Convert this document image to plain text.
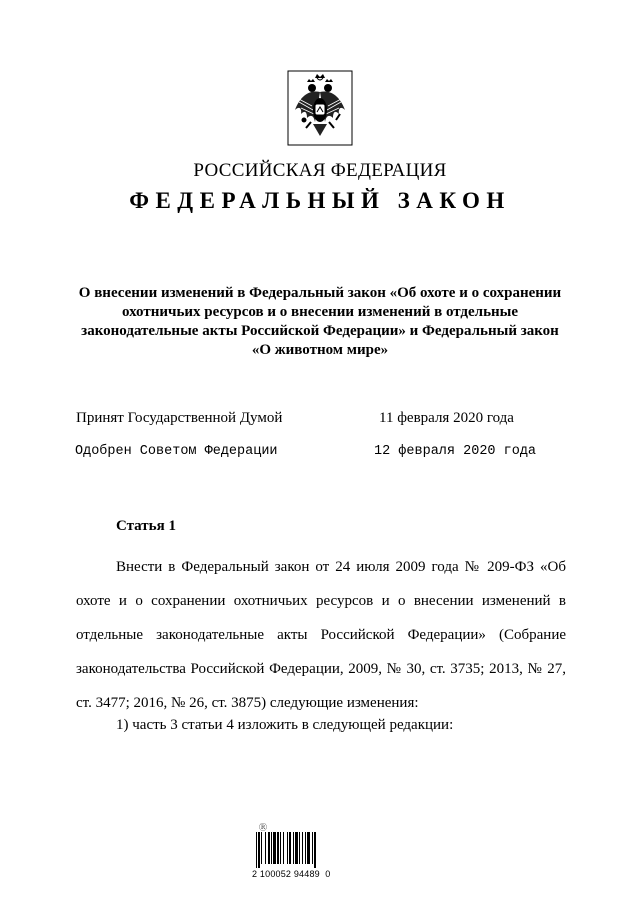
РОССИЙСКАЯ ФЕДЕРАЦИЯ
ФЕДЕРАЛЬНЫЙ ЗАКОН
О внесении изменений в Федеральный закон «Об охоте и о сохранении
охотничьих ресурсов и о внесении изменений в отдельные
законодательные акты Российской Федерации» и Федеральный закон
«О животном мире»
Принят Государственной Думой	11 февраля 2020 года
Одобрен Советом Федерации	12 февраля 2020 года
Статья 1

Внести в Федеральный закон от 24 июля 2009 года № 209-ФЗ «Об охоте и о сохранении охотничьих ресурсов и о внесении изменений в отдельные законодательные акты Российской Федерации» (Собрание законодательства Российской Федерации, 2009, № 30, ст. 3735; 2013, № 27, ст. 3477; 2016, № 26, ст. 3875) следующие изменения:

1) часть 3 статьи 4 изложить в следующей редакции:
Ⓡ
2 100052 94489  0
